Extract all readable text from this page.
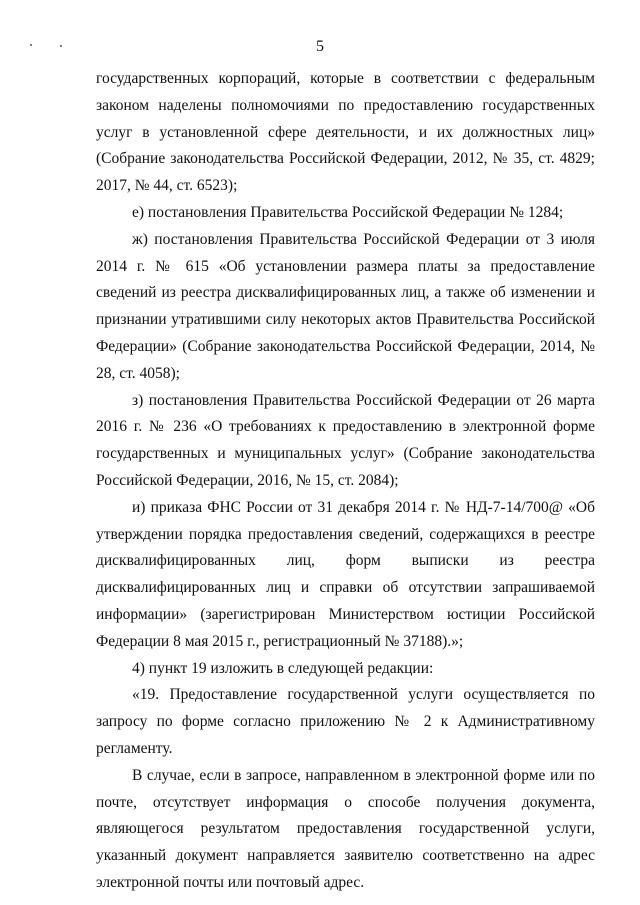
5

государственных корпораций, которые в соответствии с федеральным законом наделены полномочиями по предоставлению государственных услуг в установленной сфере деятельности, и их должностных лиц» (Собрание законодательства Российской Федерации, 2012, № 35, ст. 4829; 2017, № 44, ст. 6523);

е) постановления Правительства Российской Федерации № 1284;

ж) постановления Правительства Российской Федерации от 3 июля 2014 г. № 615 «Об установлении размера платы за предоставление сведений из реестра дисквалифицированных лиц, а также об изменении и признании утратившими силу некоторых актов Правительства Российской Федерации» (Собрание законодательства Российской Федерации, 2014, № 28, ст. 4058);

з) постановления Правительства Российской Федерации от 26 марта 2016 г. № 236 «О требованиях к предоставлению в электронной форме государственных и муниципальных услуг» (Собрание законодательства Российской Федерации, 2016, № 15, ст. 2084);

и) приказа ФНС России от 31 декабря 2014 г. № НД-7-14/700@ «Об утверждении порядка предоставления сведений, содержащихся в реестре дисквалифицированных лиц, форм выписки из реестра дисквалифицированных лиц и справки об отсутствии запрашиваемой информации» (зарегистрирован Министерством юстиции Российской Федерации 8 мая 2015 г., регистрационный № 37188).»;

4) пункт 19 изложить в следующей редакции:

«19. Предоставление государственной услуги осуществляется по запросу по форме согласно приложению № 2 к Административному регламенту.

В случае, если в запросе, направленном в электронной форме или по почте, отсутствует информация о способе получения документа, являющегося результатом предоставления государственной услуги, указанный документ направляется заявителю соответственно на адрес электронной почты или почтовый адрес.
